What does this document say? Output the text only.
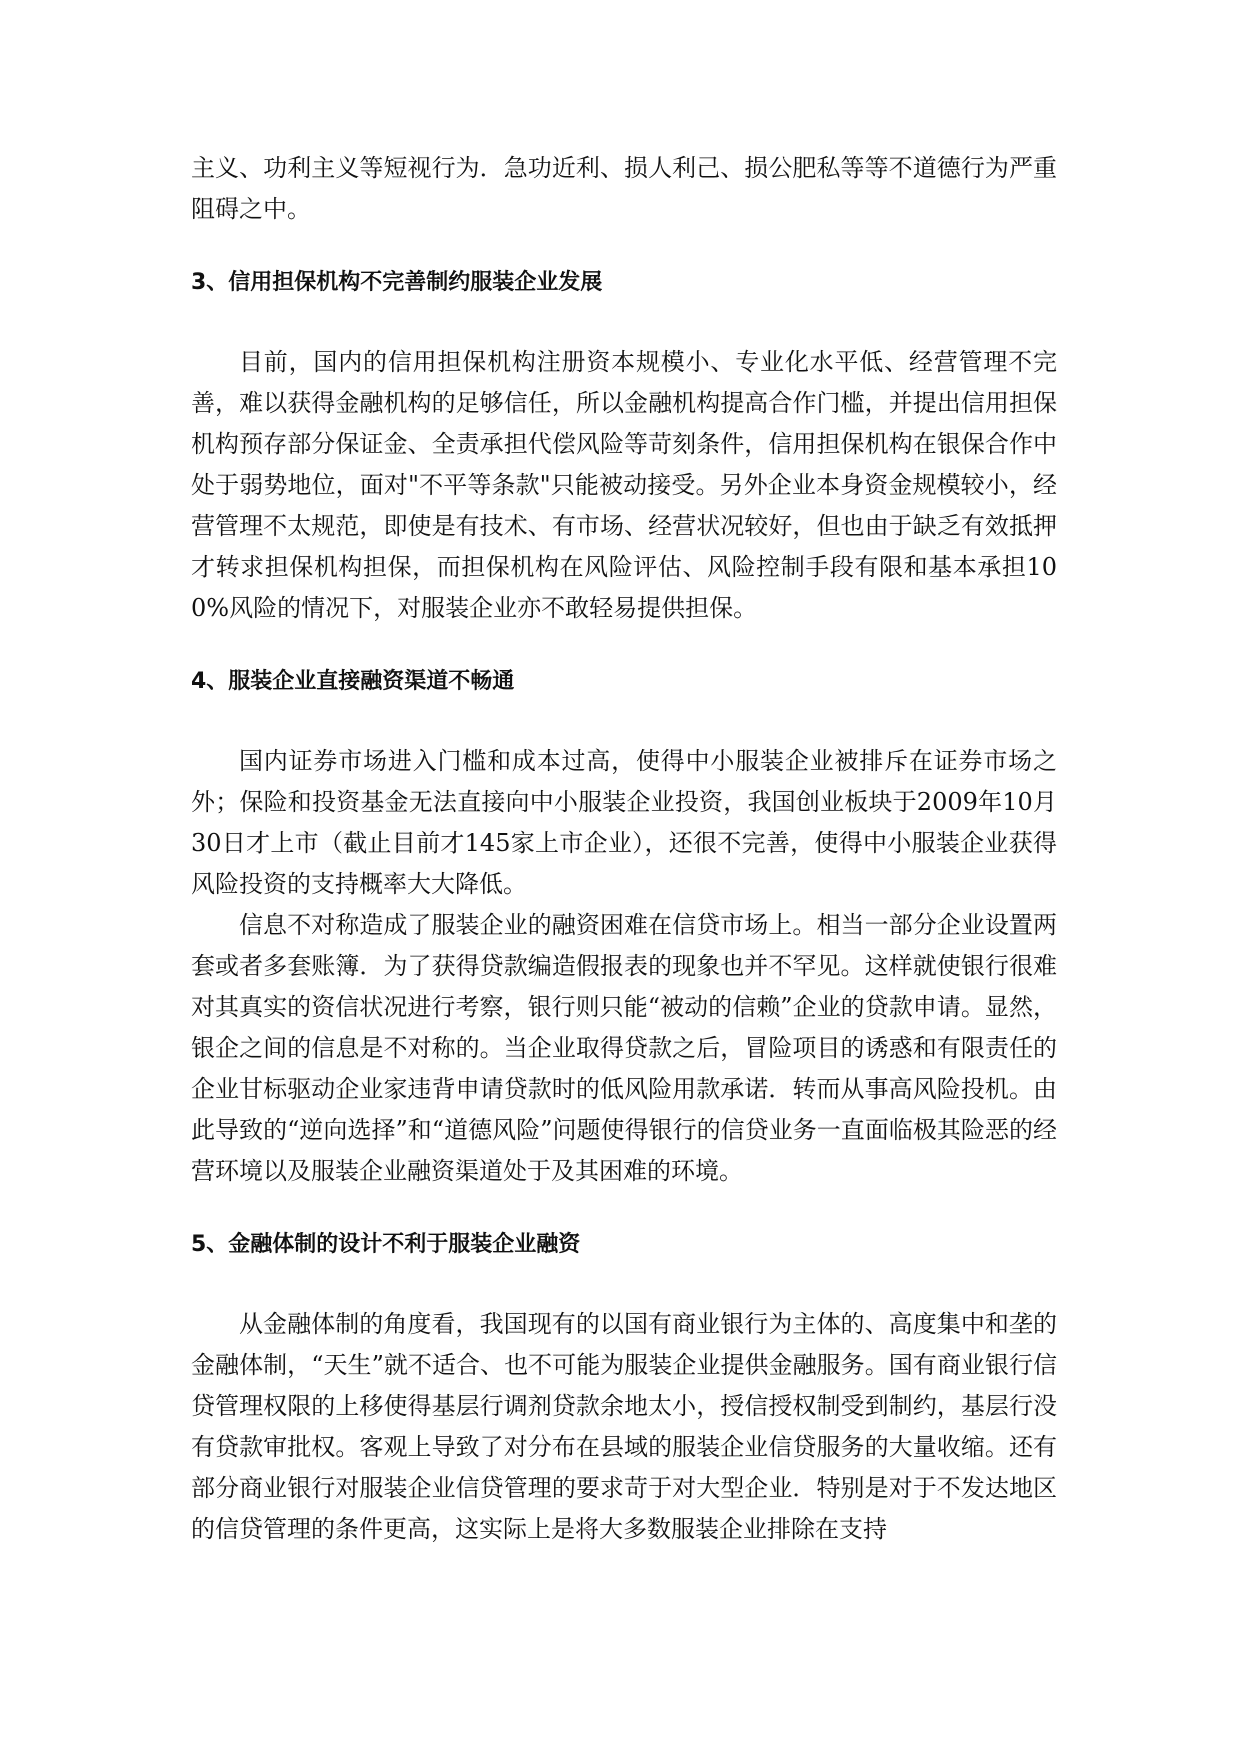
主义、功利主义等短视行为．急功近利、损人利己、损公肥私等等不道德行为严重阻碍之中。

3、信用担保机构不完善制约服装企业发展

目前，国内的信用担保机构注册资本规模小、专业化水平低、经营管理不完善，难以获得金融机构的足够信任，所以金融机构提高合作门槛，并提出信用担保机构预存部分保证金、全责承担代偿风险等苛刻条件，信用担保机构在银保合作中处于弱势地位，面对"不平等条款"只能被动接受。另外企业本身资金规模较小，经营管理不太规范，即使是有技术、有市场、经营状况较好，但也由于缺乏有效抵押才转求担保机构担保，而担保机构在风险评估、风险控制手段有限和基本承担100%风险的情况下，对服装企业亦不敢轻易提供担保。

4、服装企业直接融资渠道不畅通

国内证券市场进入门槛和成本过高，使得中小服装企业被排斥在证券市场之外；保险和投资基金无法直接向中小服装企业投资，我国创业板块于2009年10月30日才上市（截止目前才145家上市企业），还很不完善，使得中小服装企业获得风险投资的支持概率大大降低。

信息不对称造成了服装企业的融资困难在信贷市场上。相当一部分企业设置两套或者多套账簿．为了获得贷款编造假报表的现象也并不罕见。这样就使银行很难对其真实的资信状况进行考察，银行则只能“被动的信赖”企业的贷款申请。显然，银企之间的信息是不对称的。当企业取得贷款之后，冒险项目的诱惑和有限责任的企业甘标驱动企业家违背申请贷款时的低风险用款承诺．转而从事高风险投机。由此导致的“逆向选择”和“道德风险”问题使得银行的信贷业务一直面临极其险恶的经营环境以及服装企业融资渠道处于及其困难的环境。

5、金融体制的设计不利于服装企业融资

从金融体制的角度看，我国现有的以国有商业银行为主体的、高度集中和垄的金融体制，“天生”就不适合、也不可能为服装企业提供金融服务。国有商业银行信贷管理权限的上移使得基层行调剂贷款余地太小，授信授权制受到制约，基层行没有贷款审批权。客观上导致了对分布在县域的服装企业信贷服务的大量收缩。还有部分商业银行对服装企业信贷管理的要求苛于对大型企业．特别是对于不发达地区的信贷管理的条件更高，这实际上是将大多数服装企业排除在支持
